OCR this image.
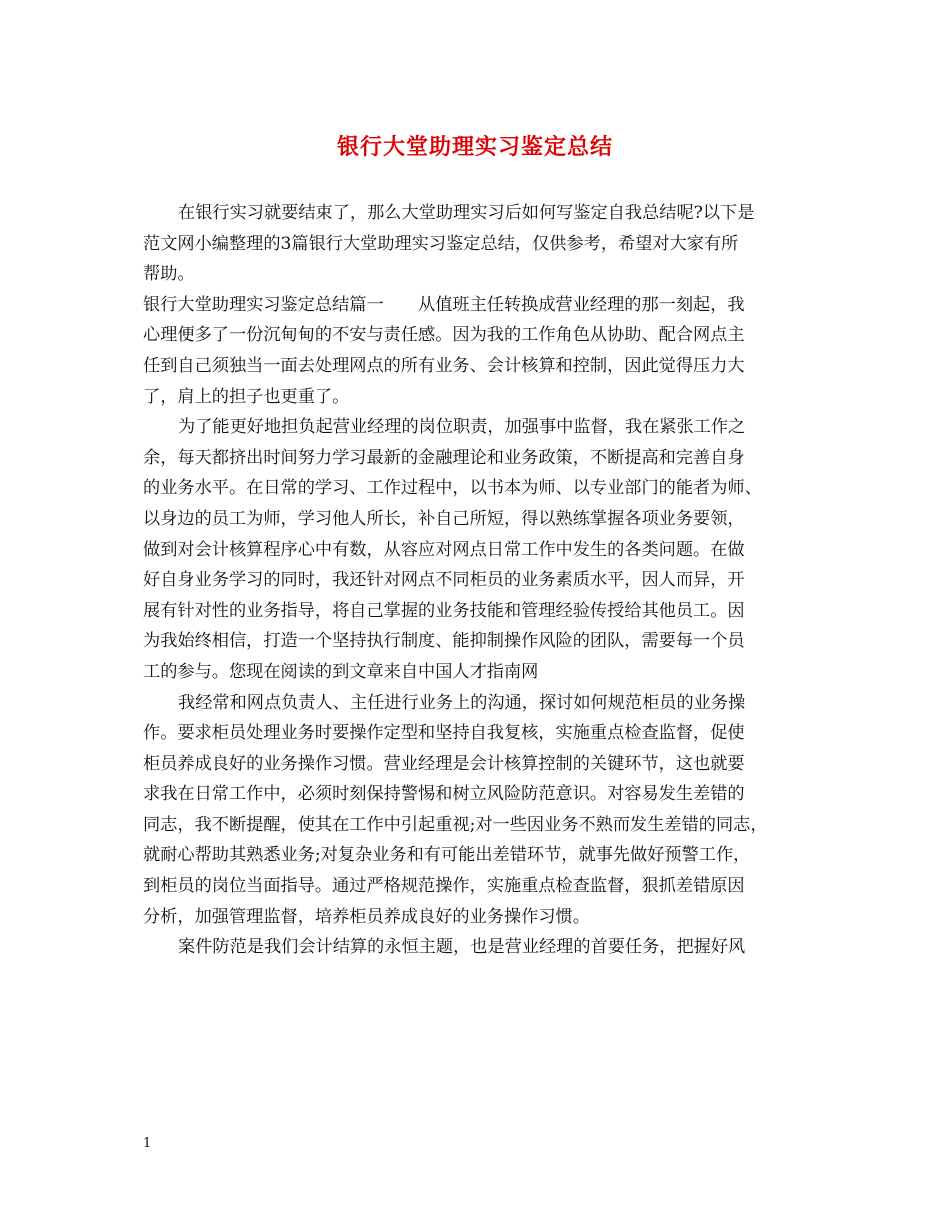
银行大堂助理实习鉴定总结
在银行实习就要结束了，那么大堂助理实习后如何写鉴定自我总结呢?以下是
范文网小编整理的3篇银行大堂助理实习鉴定总结，仅供参考，希望对大家有所
帮助。
银行大堂助理实习鉴定总结篇一　　从值班主任转换成营业经理的那一刻起，我
心理便多了一份沉甸甸的不安与责任感。因为我的工作角色从协助、配合网点主
任到自己须独当一面去处理网点的所有业务、会计核算和控制，因此觉得压力大
了，肩上的担子也更重了。
为了能更好地担负起营业经理的岗位职责，加强事中监督，我在紧张工作之
余，每天都挤出时间努力学习最新的金融理论和业务政策，不断提高和完善自身
的业务水平。在日常的学习、工作过程中，以书本为师、以专业部门的能者为师、
以身边的员工为师，学习他人所长，补自己所短，得以熟练掌握各项业务要领，
做到对会计核算程序心中有数，从容应对网点日常工作中发生的各类问题。在做
好自身业务学习的同时，我还针对网点不同柜员的业务素质水平，因人而异，开
展有针对性的业务指导，将自己掌握的业务技能和管理经验传授给其他员工。因
为我始终相信，打造一个坚持执行制度、能抑制操作风险的团队，需要每一个员
工的参与。您现在阅读的到文章来自中国人才指南网
我经常和网点负责人、主任进行业务上的沟通，探讨如何规范柜员的业务操
作。要求柜员处理业务时要操作定型和坚持自我复核，实施重点检查监督，促使
柜员养成良好的业务操作习惯。营业经理是会计核算控制的关键环节，这也就要
求我在日常工作中，必须时刻保持警惕和树立风险防范意识。对容易发生差错的
同志，我不断提醒，使其在工作中引起重视;对一些因业务不熟而发生差错的同志，
就耐心帮助其熟悉业务;对复杂业务和有可能出差错环节，就事先做好预警工作，
到柜员的岗位当面指导。通过严格规范操作，实施重点检查监督，狠抓差错原因
分析，加强管理监督，培养柜员养成良好的业务操作习惯。
案件防范是我们会计结算的永恒主题，也是营业经理的首要任务，把握好风
1
